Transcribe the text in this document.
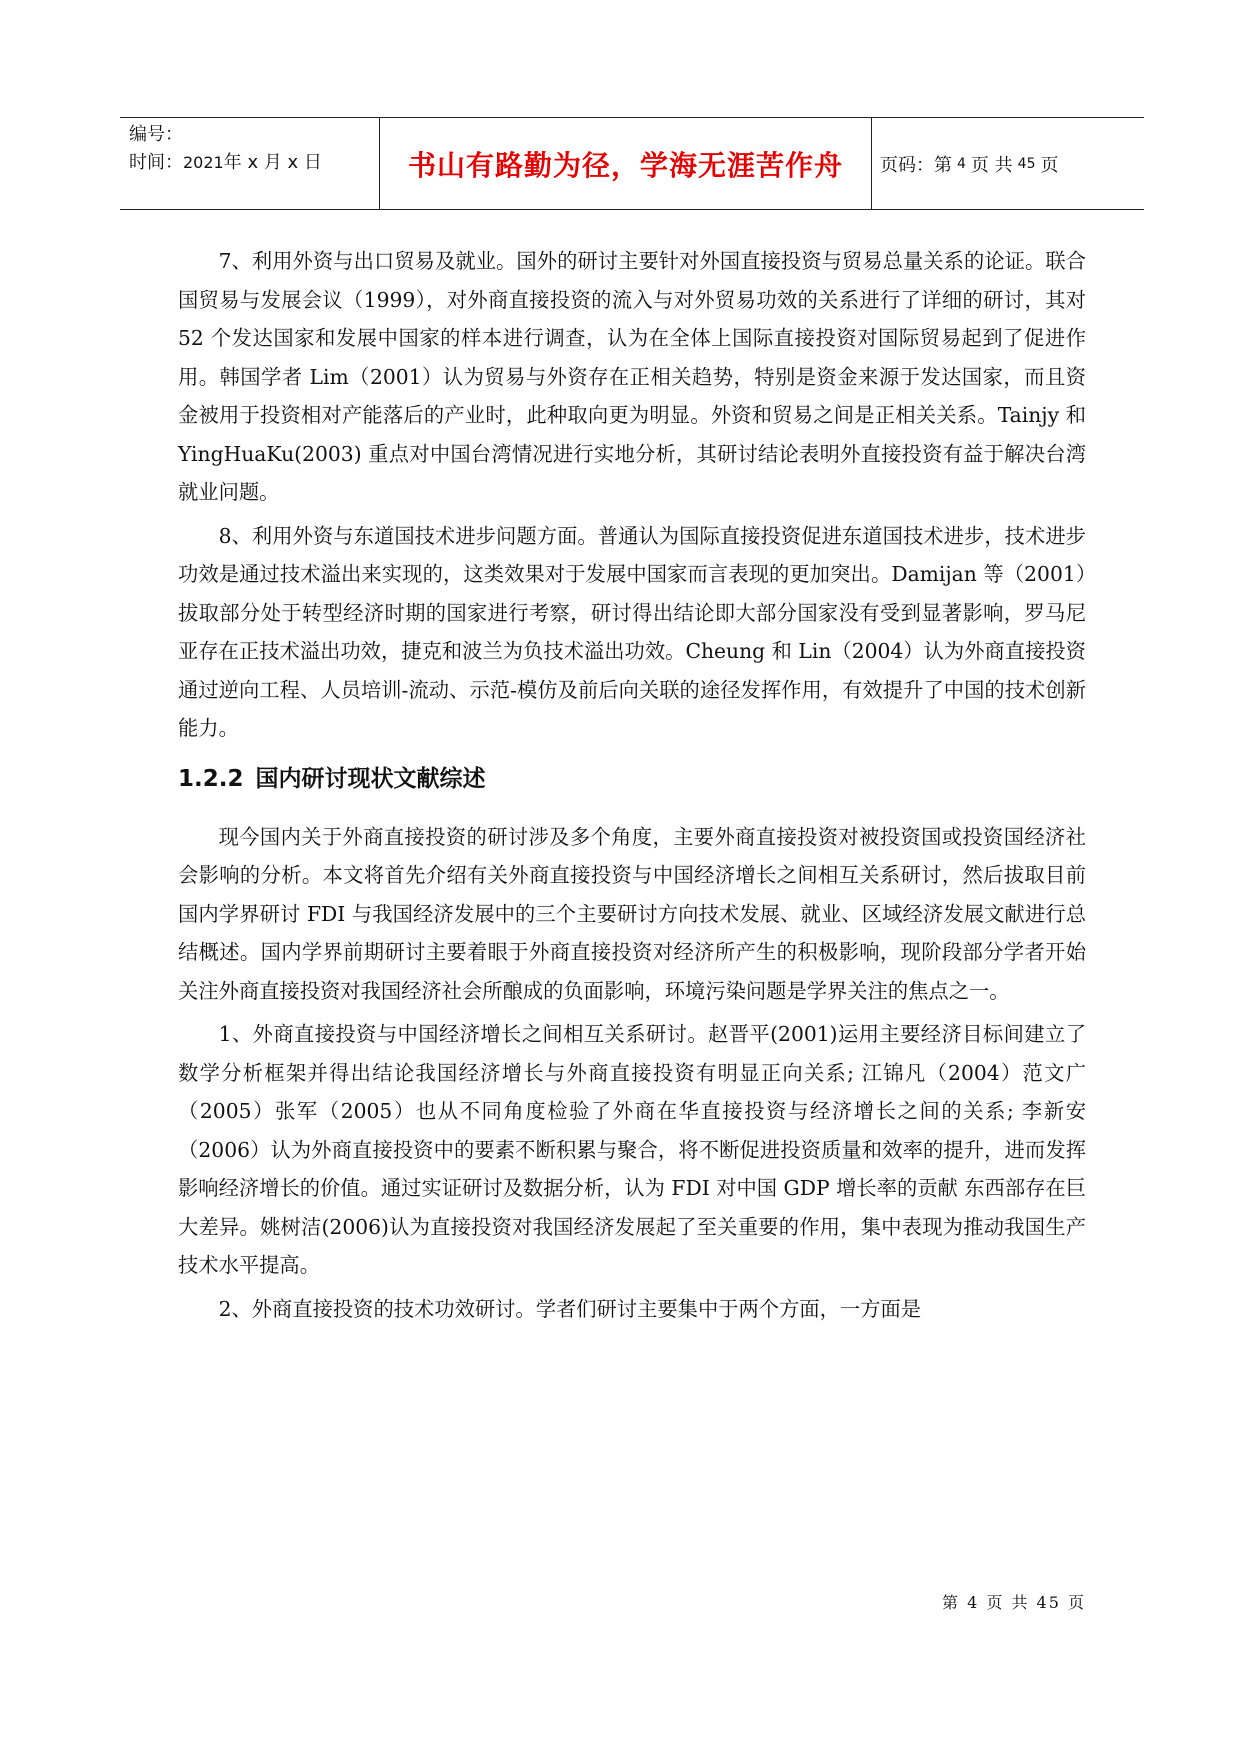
编号：
时间：2021年 x 月 x 日	书山有路勤为径，学海无涯苦作舟 页码：第 4 页 共 45 页

7、利用外资与出口贸易及就业。国外的研讨主要针对外国直接投资与贸易总量关系的论证。联合国贸易与发展会议（1999），对外商直接投资的流入与对外贸易功效的关系进行了详细的研讨，其对 52 个发达国家和发展中国家的样本进行调查，认为在全体上国际直接投资对国际贸易起到了促进作用。韩国学者 Lim（2001）认为贸易与外资存在正相关趋势，特别是资金来源于发达国家，而且资金被用于投资相对产能落后的产业时，此种取向更为明显。外资和贸易之间是正相关关系。Tainjy 和YingHuaKu(2003) 重点对中国台湾情况进行实地分析，其研讨结论表明外直接投资有益于解决台湾就业问题。

8、利用外资与东道国技术进步问题方面。普通认为国际直接投资促进东道国技术进步，技术进步功效是通过技术溢出来实现的，这类效果对于发展中国家而言表现的更加突出。Damijan 等（2001）拔取部分处于转型经济时期的国家进行考察，研讨得出结论即大部分国家没有受到显著影响，罗马尼亚存在正技术溢出功效，捷克和波兰为负技术溢出功效。Cheung 和 Lin（2004）认为外商直接投资通过逆向工程、人员培训-流动、示范-模仿及前后向关联的途径发挥作用，有效提升了中国的技术创新能力。

1.2.2 国内研讨现状文献综述

现今国内关于外商直接投资的研讨涉及多个角度，主要外商直接投资对被投资国或投资国经济社会影响的分析。本文将首先介绍有关外商直接投资与中国经济增长之间相互关系研讨，然后拔取目前国内学界研讨 FDI 与我国经济发展中的三个主要研讨方向技术发展、就业、区域经济发展文献进行总结概述。国内学界前期研讨主要着眼于外商直接投资对经济所产生的积极影响，现阶段部分学者开始关注外商直接投资对我国经济社会所酿成的负面影响，环境污染问题是学界关注的焦点之一。

1、外商直接投资与中国经济增长之间相互关系研讨。赵晋平(2001)运用主要经济目标间建立了数学分析框架并得出结论我国经济增长与外商直接投资有明显正向关系; 江锦凡（2004）范文广（2005）张军（2005）也从不同角度检验了外商在华直接投资与经济增长之间的关系; 李新安（2006）认为外商直接投资中的要素不断积累与聚合，将不断促进投资质量和效率的提升，进而发挥影响经济增长的价值。通过实证研讨及数据分析，认为 FDI 对中国 GDP 增长率的贡献 东西部存在巨大差异。姚树洁(2006)认为直接投资对我国经济发展起了至关重要的作用，集中表现为推动我国生产技术水平提高。

2、外商直接投资的技术功效研讨。学者们研讨主要集中于两个方面，一方面是

第 4 页 共 45 页
